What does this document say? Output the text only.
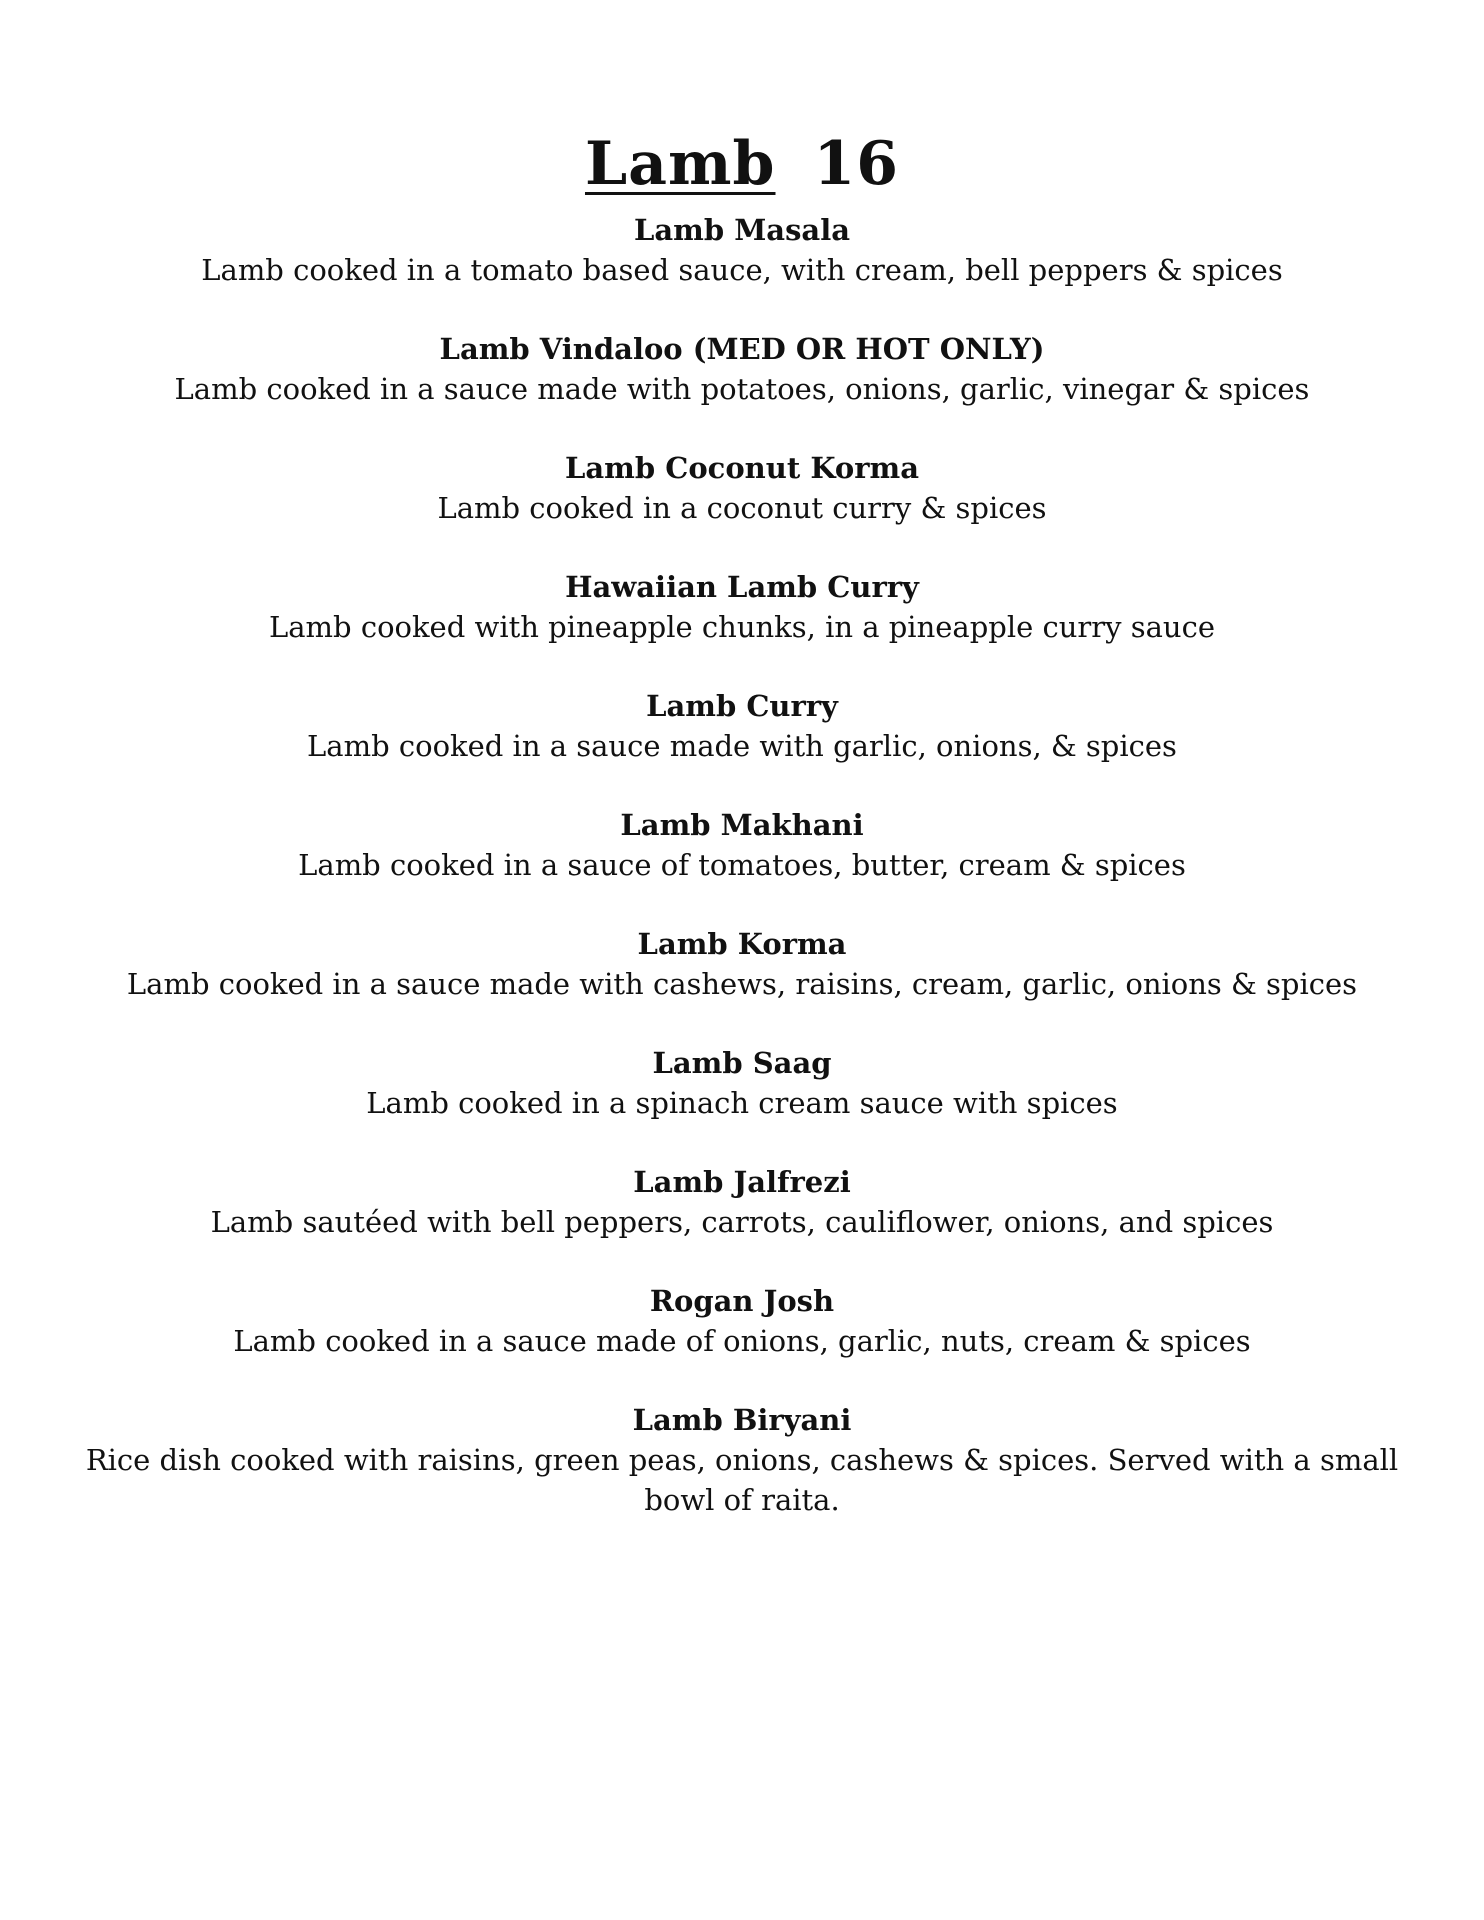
Lamb 16
Lamb Masala
Lamb cooked in a tomato based sauce, with cream, bell peppers & spices
Lamb Vindaloo (MED OR HOT ONLY)
Lamb cooked in a sauce made with potatoes, onions, garlic, vinegar & spices
Lamb Coconut Korma
Lamb cooked in a coconut curry & spices
Hawaiian Lamb Curry
Lamb cooked with pineapple chunks, in a pineapple curry sauce
Lamb Curry
Lamb cooked in a sauce made with garlic, onions, & spices
Lamb Makhani
Lamb cooked in a sauce of tomatoes, butter, cream & spices
Lamb Korma
Lamb cooked in a sauce made with cashews, raisins, cream, garlic, onions & spices
Lamb Saag
Lamb cooked in a spinach cream sauce with spices
Lamb Jalfrezi
Lamb sautéed with bell peppers, carrots, cauliflower, onions, and spices
Rogan Josh
Lamb cooked in a sauce made of onions, garlic, nuts, cream & spices
Lamb Biryani
Rice dish cooked with raisins, green peas, onions, cashews & spices. Served with a small bowl of raita.
